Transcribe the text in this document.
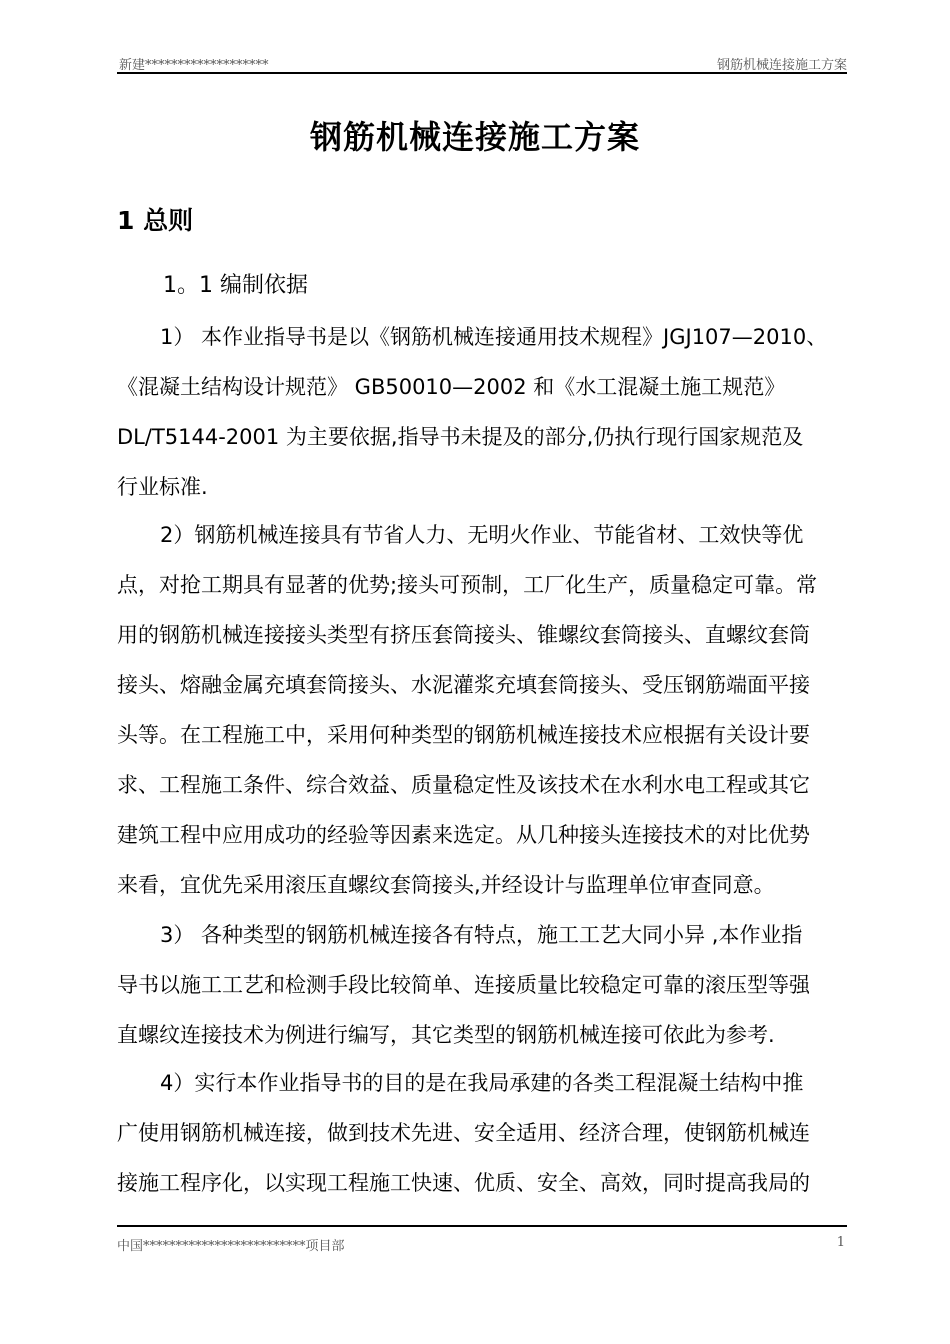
新建*******************	钢筋机械连接施工方案
钢筋机械连接施工方案
1 总则
1。1 编制依据
1） 本作业指导书是以《钢筋机械连接通用技术规程》JGJ107—2010、
《混凝土结构设计规范》 GB50010—2002 和《水工混凝土施工规范》
DL/T5144-2001 为主要依据,指导书未提及的部分,仍执行现行国家规范及
行业标准.
2）钢筋机械连接具有节省人力、无明火作业、节能省材、工效快等优
点，对抢工期具有显著的优势;接头可预制，工厂化生产，质量稳定可靠。常
用的钢筋机械连接接头类型有挤压套筒接头、锥螺纹套筒接头、直螺纹套筒
接头、熔融金属充填套筒接头、水泥灌浆充填套筒接头、受压钢筋端面平接
头等。在工程施工中，采用何种类型的钢筋机械连接技术应根据有关设计要
求、工程施工条件、综合效益、质量稳定性及该技术在水利水电工程或其它
建筑工程中应用成功的经验等因素来选定。从几种接头连接技术的对比优势
来看，宜优先采用滚压直螺纹套筒接头,并经设计与监理单位审查同意。
3） 各种类型的钢筋机械连接各有特点，施工工艺大同小异 ,本作业指
导书以施工工艺和检测手段比较简单、连接质量比较稳定可靠的滚压型等强
直螺纹连接技术为例进行编写，其它类型的钢筋机械连接可依此为参考.
4）实行本作业指导书的目的是在我局承建的各类工程混凝土结构中推
广使用钢筋机械连接，做到技术先进、安全适用、经济合理，使钢筋机械连
接施工程序化，以实现工程施工快速、优质、安全、高效，同时提高我局的
中国*************************项目部	1
